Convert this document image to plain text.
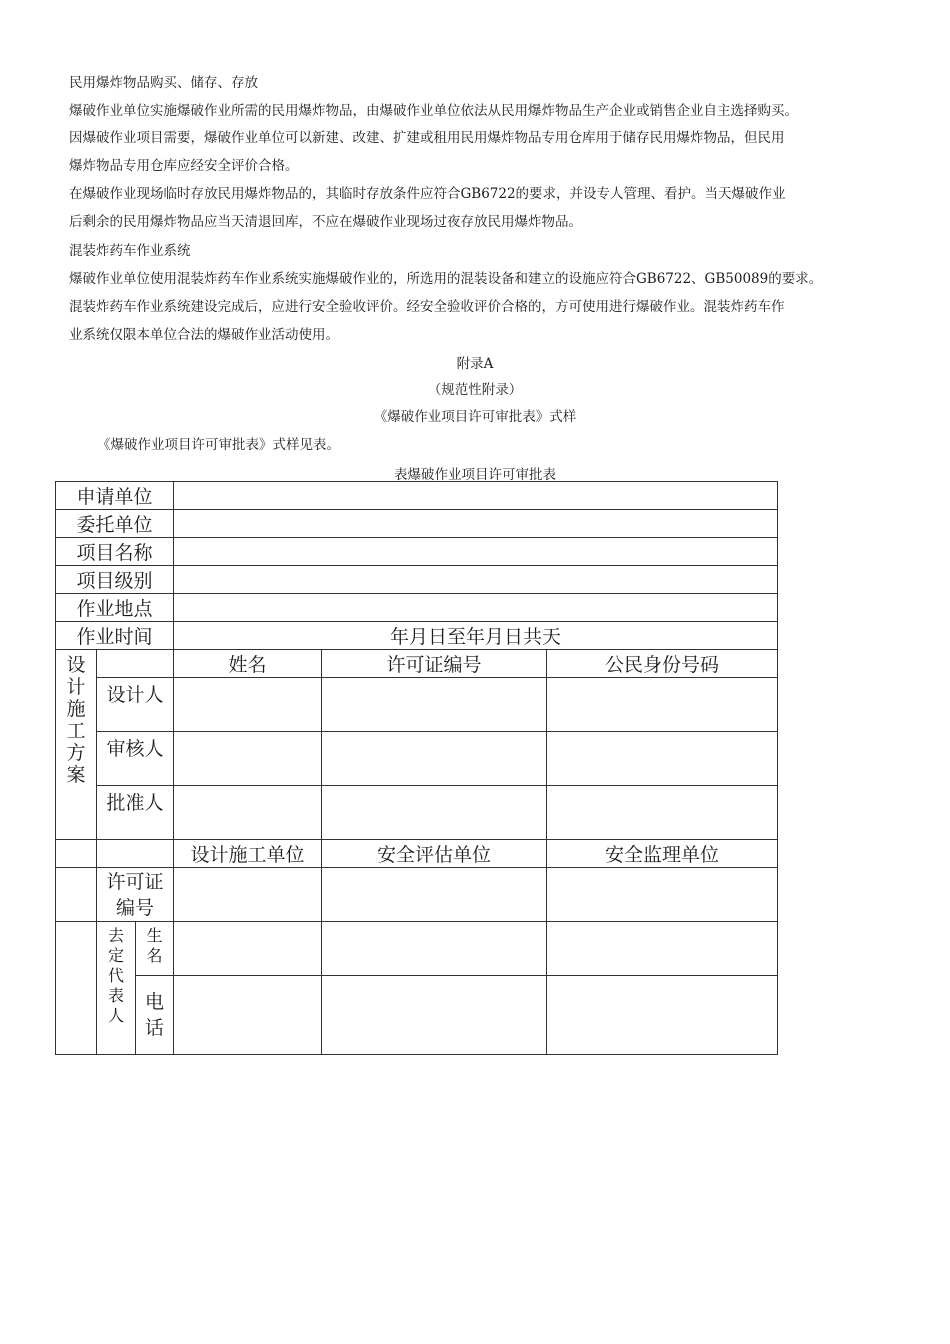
民用爆炸物品购买、储存、存放
爆破作业单位实施爆破作业所需的民用爆炸物品，由爆破作业单位依法从民用爆炸物品生产企业或销售企业自主选择购买。
因爆破作业项目需要，爆破作业单位可以新建、改建、扩建或租用民用爆炸物品专用仓库用于储存民用爆炸物品，但民用
爆炸物品专用仓库应经安全评价合格。
在爆破作业现场临时存放民用爆炸物品的，其临时存放条件应符合GB6722的要求，并设专人管理、看护。当天爆破作业
后剩余的民用爆炸物品应当天清退回库，不应在爆破作业现场过夜存放民用爆炸物品。
混装炸药车作业系统
爆破作业单位使用混装炸药车作业系统实施爆破作业的，所选用的混装设备和建立的设施应符合GB6722、GB50089的要求。
混装炸药车作业系统建设完成后，应进行安全验收评价。经安全验收评价合格的，方可使用进行爆破作业。混装炸药车作
业系统仅限本单位合法的爆破作业活动使用。
附录A
（规范性附录）
《爆破作业项目许可审批表》式样
《爆破作业项目许可审批表》式样见表。
表爆破作业项目许可审批表
申请单位					
委托单位					
项目名称					
项目级别					
作业地点					
作业时间			年月日至年月日共天		

设计施工方案			姓名	许可证编号	公民身份号码
	设计人				
	审核人				
	批准人				
			设计施工单位	安全评估单位	安全监理单位

	许可证编号				

	去定代表人	生名			

		电话			
